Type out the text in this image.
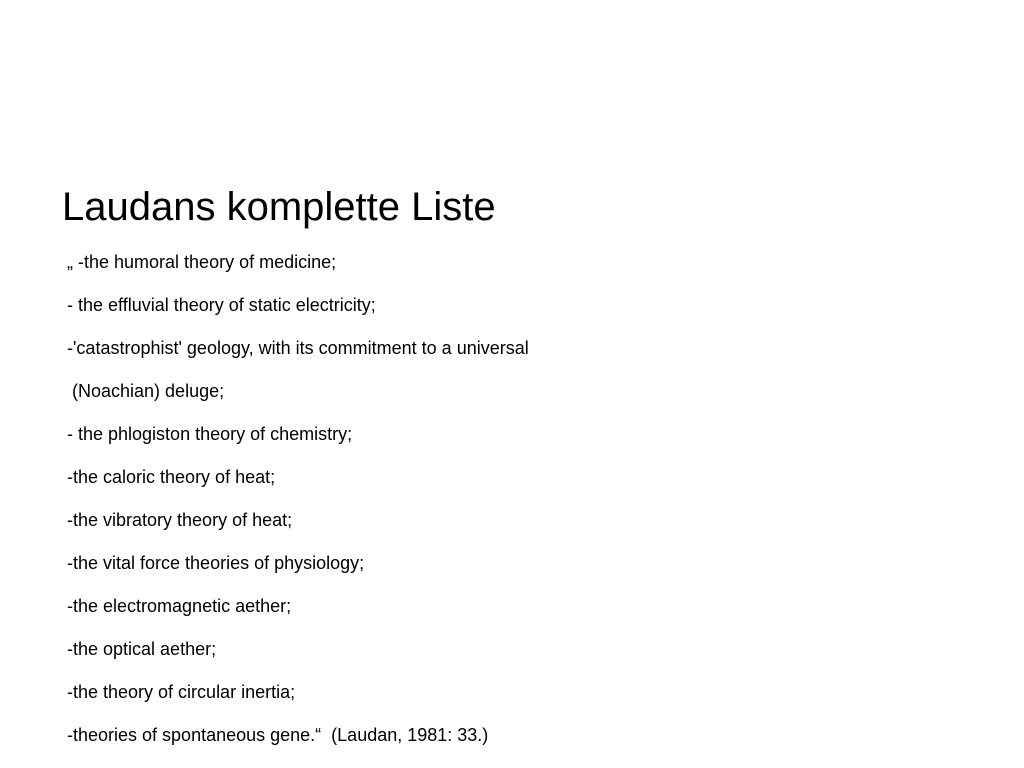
Laudans komplette Liste
„ -the humoral theory of medicine;
- the effluvial theory of static electricity;
-'catastrophist' geology, with its commitment to a universal
(Noachian) deluge;
- the phlogiston theory of chemistry;
-the caloric theory of heat;
-the vibratory theory of heat;
-the vital force theories of physiology;
-the electromagnetic aether;
-the optical aether;
-the theory of circular inertia;
-theories of spontaneous gene.“  (Laudan, 1981: 33.)
